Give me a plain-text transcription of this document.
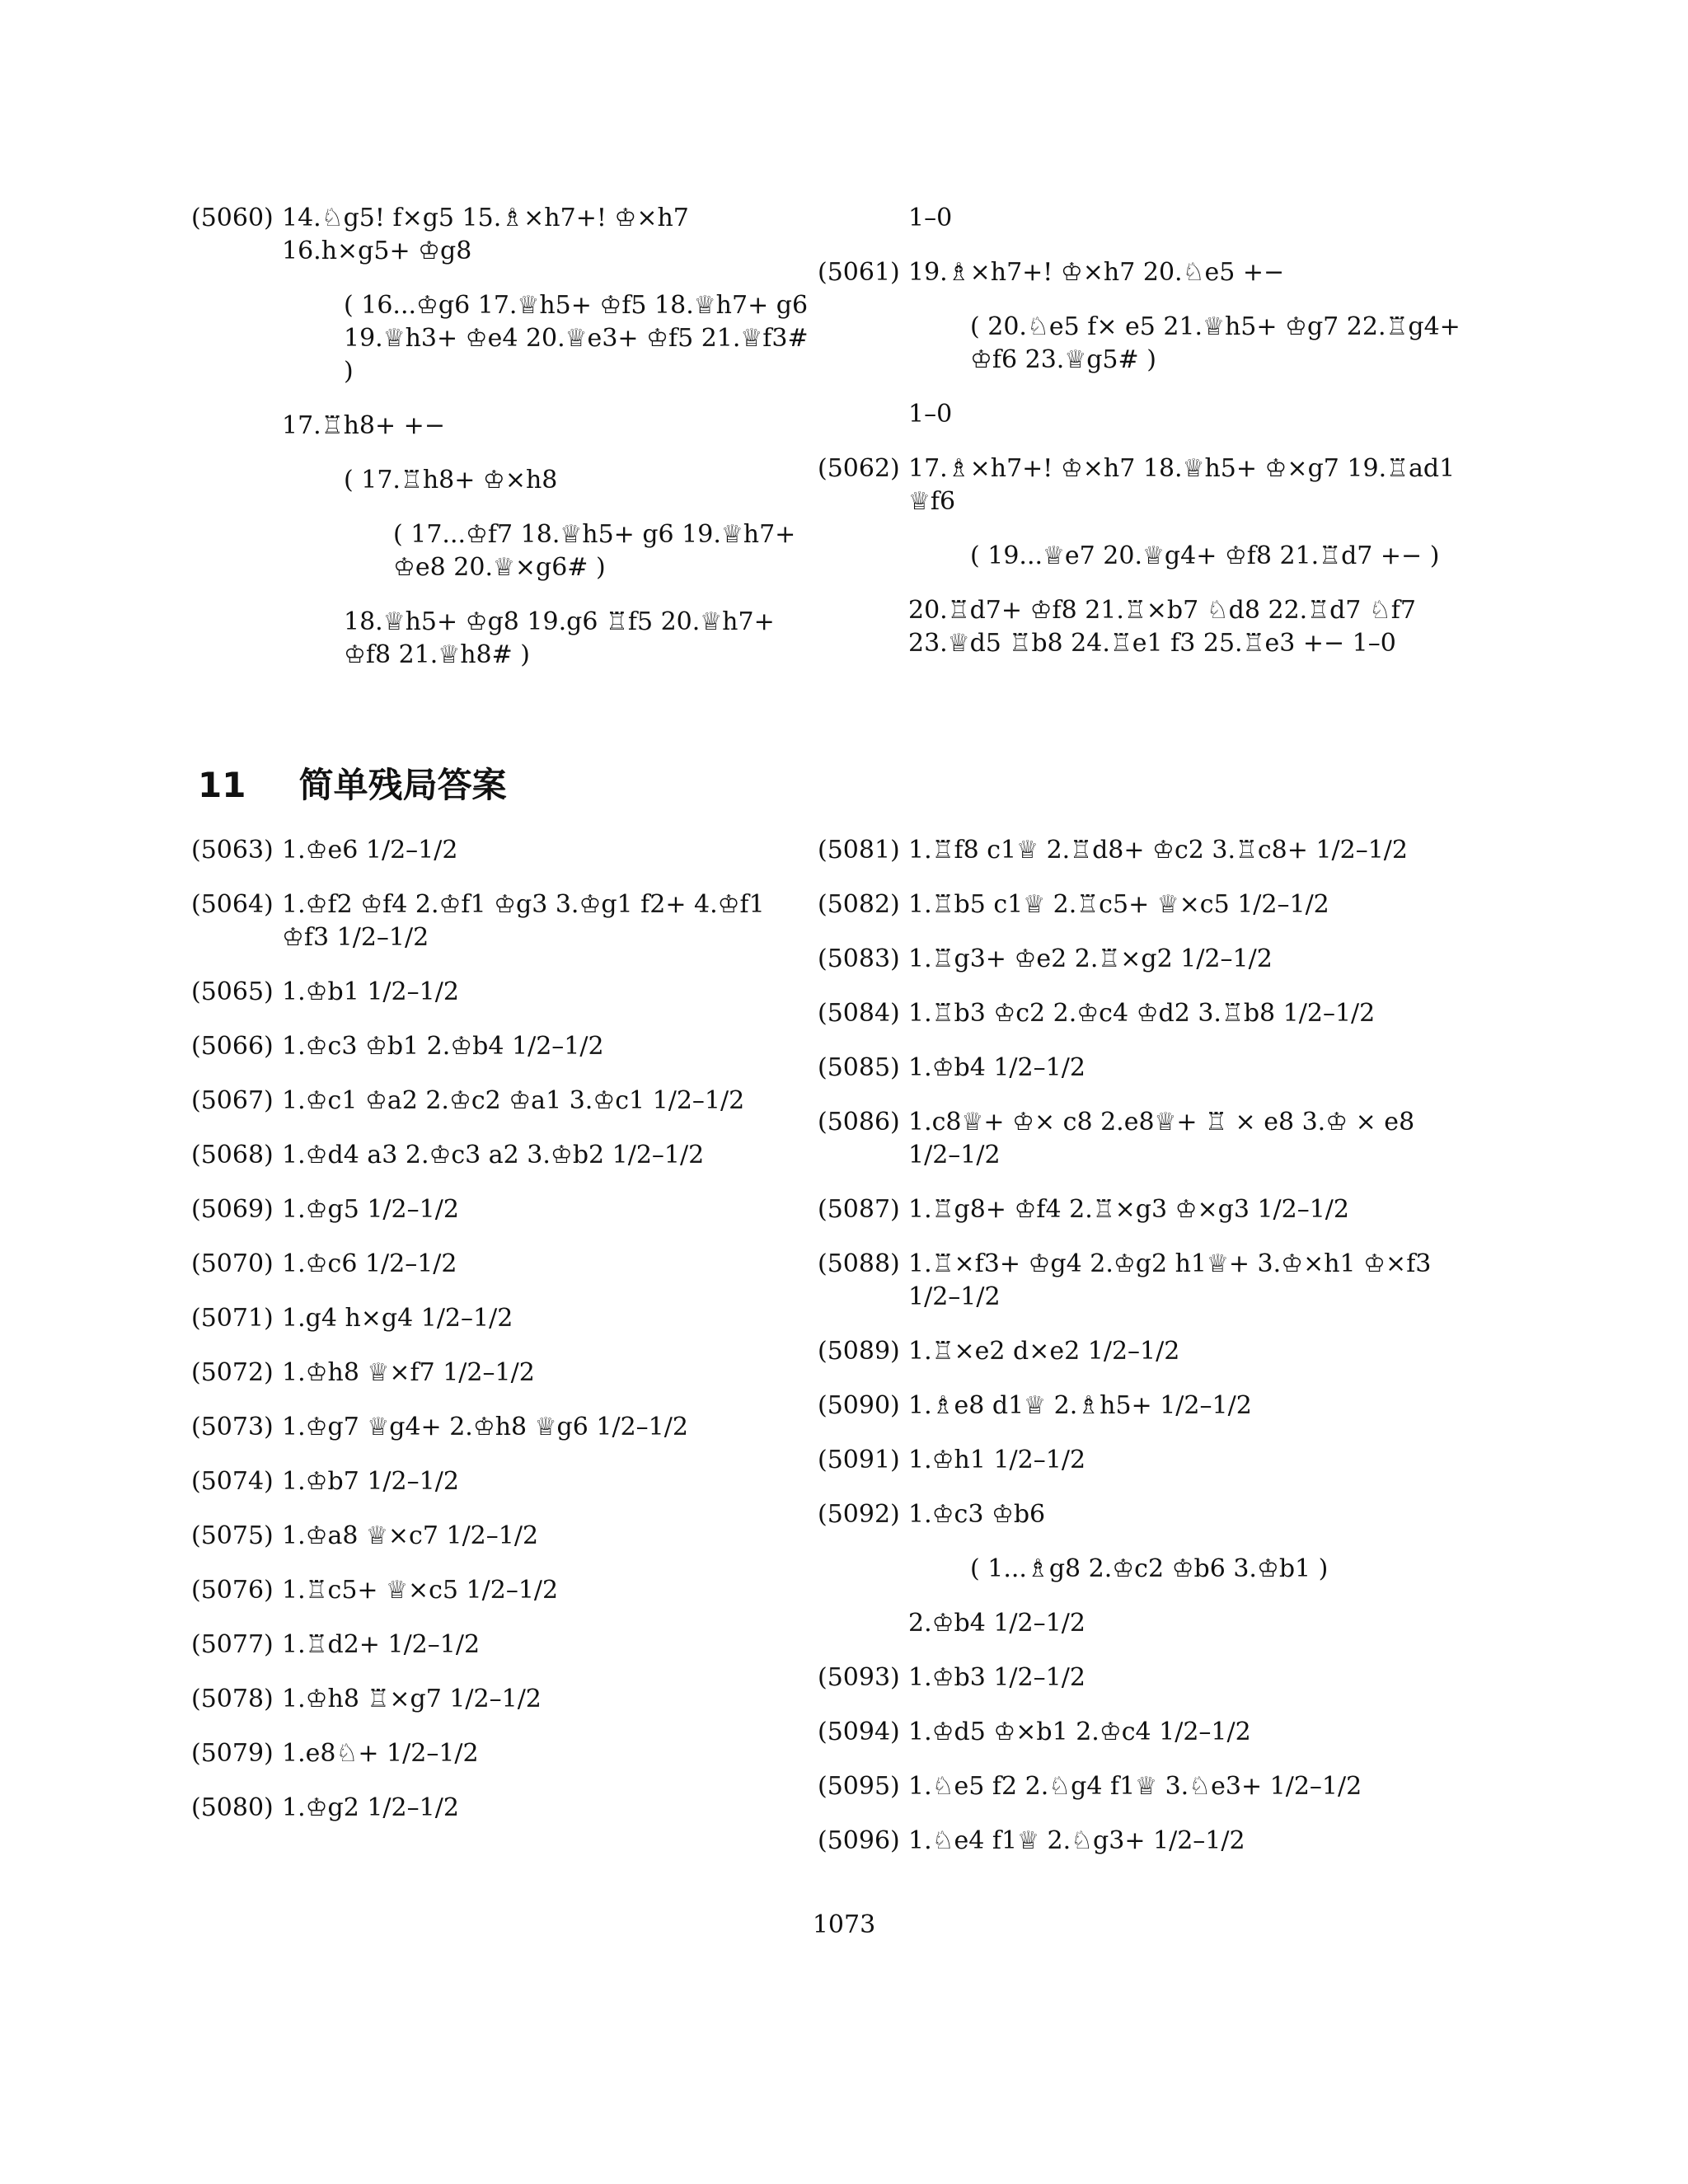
(5060) 14.♘g5! f×g5 15.♗×h7+! ♔×h7 16.h×g5+ ♔g8
( 16...♔g6 17.♕h5+ ♔f5 18.♕h7+ g6 19.♕h3+ ♔e4 20.♕e3+ ♔f5 21.♕f3# )
17.♖h8+ +−
( 17.♖h8+ ♔×h8
( 17...♔f7 18.♕h5+ g6 19.♕h7+ ♔e8 20.♕×g6# )
18.♕h5+ ♔g8 19.g6 ♖f5 20.♕h7+ ♔f8 21.♕h8# )
1–0
(5061) 19.♗×h7+! ♔×h7 20.♘e5 +−
( 20.♘e5 f× e5 21.♕h5+ ♔g7 22.♖g4+ ♔f6 23.♕g5# )
1–0
(5062) 17.♗×h7+! ♔×h7 18.♕h5+ ♔×g7 19.♖ad1 ♕f6
( 19...♕e7 20.♕g4+ ♔f8 21.♖d7 +− )
20.♖d7+ ♔f8 21.♖×b7 ♘d8 22.♖d7 ♘f7 23.♕d5 ♖b8 24.♖e1 f3 25.♖e3 +− 1–0
11 简单残局答案
(5063) 1.♔e6 1/2–1/2
(5064) 1.♔f2 ♔f4 2.♔f1 ♔g3 3.♔g1 f2+ 4.♔f1 ♔f3 1/2–1/2
(5065) 1.♔b1 1/2–1/2
(5066) 1.♔c3 ♔b1 2.♔b4 1/2–1/2
(5067) 1.♔c1 ♔a2 2.♔c2 ♔a1 3.♔c1 1/2–1/2
(5068) 1.♔d4 a3 2.♔c3 a2 3.♔b2 1/2–1/2
(5069) 1.♔g5 1/2–1/2
(5070) 1.♔c6 1/2–1/2
(5071) 1.g4 h×g4 1/2–1/2
(5072) 1.♔h8 ♕×f7 1/2–1/2
(5073) 1.♔g7 ♕g4+ 2.♔h8 ♕g6 1/2–1/2
(5074) 1.♔b7 1/2–1/2
(5075) 1.♔a8 ♕×c7 1/2–1/2
(5076) 1.♖c5+ ♕×c5 1/2–1/2
(5077) 1.♖d2+ 1/2–1/2
(5078) 1.♔h8 ♖×g7 1/2–1/2
(5079) 1.e8♘+ 1/2–1/2
(5080) 1.♔g2 1/2–1/2
(5081) 1.♖f8 c1♕ 2.♖d8+ ♔c2 3.♖c8+ 1/2–1/2
(5082) 1.♖b5 c1♕ 2.♖c5+ ♕×c5 1/2–1/2
(5083) 1.♖g3+ ♔e2 2.♖×g2 1/2–1/2
(5084) 1.♖b3 ♔c2 2.♔c4 ♔d2 3.♖b8 1/2–1/2
(5085) 1.♔b4 1/2–1/2
(5086) 1.c8♕+ ♔× c8 2.e8♕+ ♖ × e8 3.♔ × e8 1/2–1/2
(5087) 1.♖g8+ ♔f4 2.♖×g3 ♔×g3 1/2–1/2
(5088) 1.♖×f3+ ♔g4 2.♔g2 h1♕+ 3.♔×h1 ♔×f3 1/2–1/2
(5089) 1.♖×e2 d×e2 1/2–1/2
(5090) 1.♗e8 d1♕ 2.♗h5+ 1/2–1/2
(5091) 1.♔h1 1/2–1/2
(5092) 1.♔c3 ♔b6
( 1...♗g8 2.♔c2 ♔b6 3.♔b1 )
2.♔b4 1/2–1/2
(5093) 1.♔b3 1/2–1/2
(5094) 1.♔d5 ♔×b1 2.♔c4 1/2–1/2
(5095) 1.♘e5 f2 2.♘g4 f1♕ 3.♘e3+ 1/2–1/2
(5096) 1.♘e4 f1♕ 2.♘g3+ 1/2–1/2
1073
